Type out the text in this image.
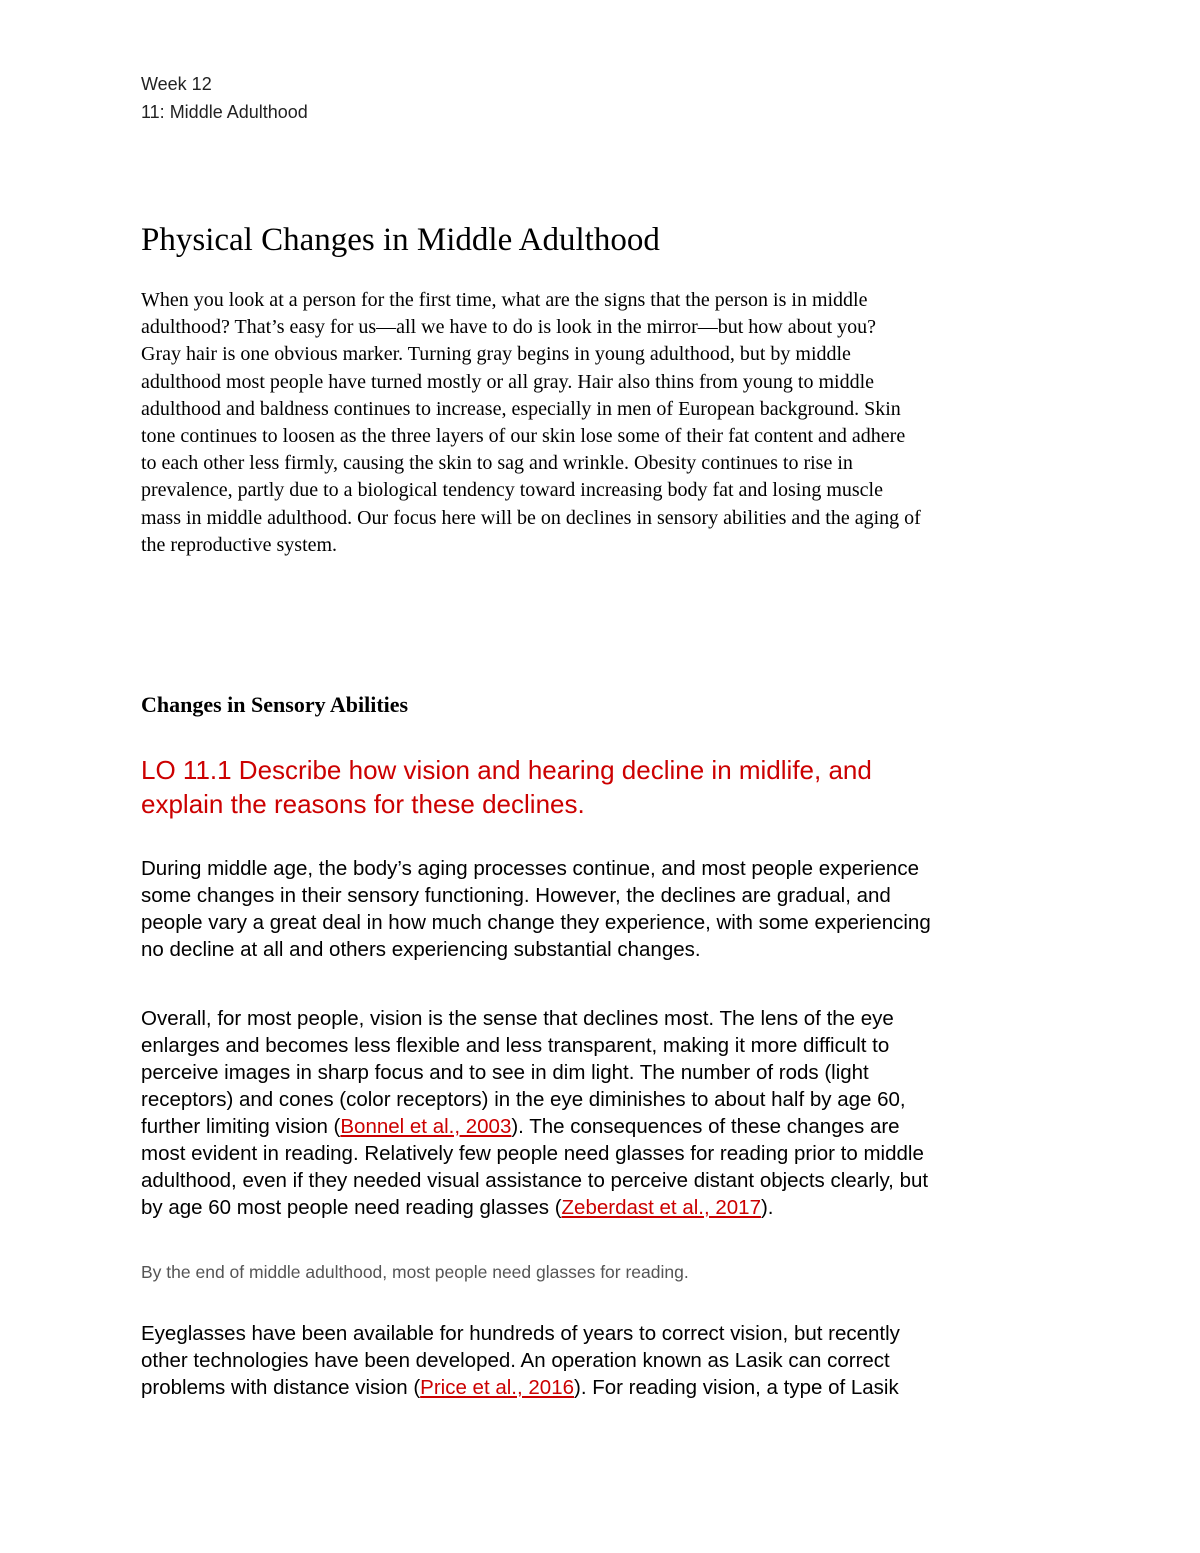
Week 12

11: Middle Adulthood

Physical Changes in Middle Adulthood

When you look at a person for the first time, what are the signs that the person is in middle
adulthood? That’s easy for us—all we have to do is look in the mirror—but how about you?
Gray hair is one obvious marker. Turning gray begins in young adulthood, but by middle
adulthood most people have turned mostly or all gray. Hair also thins from young to middle
adulthood and baldness continues to increase, especially in men of European background. Skin
tone continues to loosen as the three layers of our skin lose some of their fat content and adhere
to each other less firmly, causing the skin to sag and wrinkle. Obesity continues to rise in
prevalence, partly due to a biological tendency toward increasing body fat and losing muscle
mass in middle adulthood. Our focus here will be on declines in sensory abilities and the aging of
the reproductive system.

Changes in Sensory Abilities

LO 11.1 Describe how vision and hearing decline in midlife, and
explain the reasons for these declines.

During middle age, the body’s aging processes continue, and most people experience
some changes in their sensory functioning. However, the declines are gradual, and
people vary a great deal in how much change they experience, with some experiencing
no decline at all and others experiencing substantial changes.

Overall, for most people, vision is the sense that declines most. The lens of the eye
enlarges and becomes less flexible and less transparent, making it more difficult to
perceive images in sharp focus and to see in dim light. The number of rods (light
receptors) and cones (color receptors) in the eye diminishes to about half by age 60,
further limiting vision (Bonnel et al., 2003). The consequences of these changes are
most evident in reading. Relatively few people need glasses for reading prior to middle
adulthood, even if they needed visual assistance to perceive distant objects clearly, but
by age 60 most people need reading glasses (Zeberdast et al., 2017).

By the end of middle adulthood, most people need glasses for reading.

Eyeglasses have been available for hundreds of years to correct vision, but recently
other technologies have been developed. An operation known as Lasik can correct
problems with distance vision (Price et al., 2016). For reading vision, a type of Lasik
